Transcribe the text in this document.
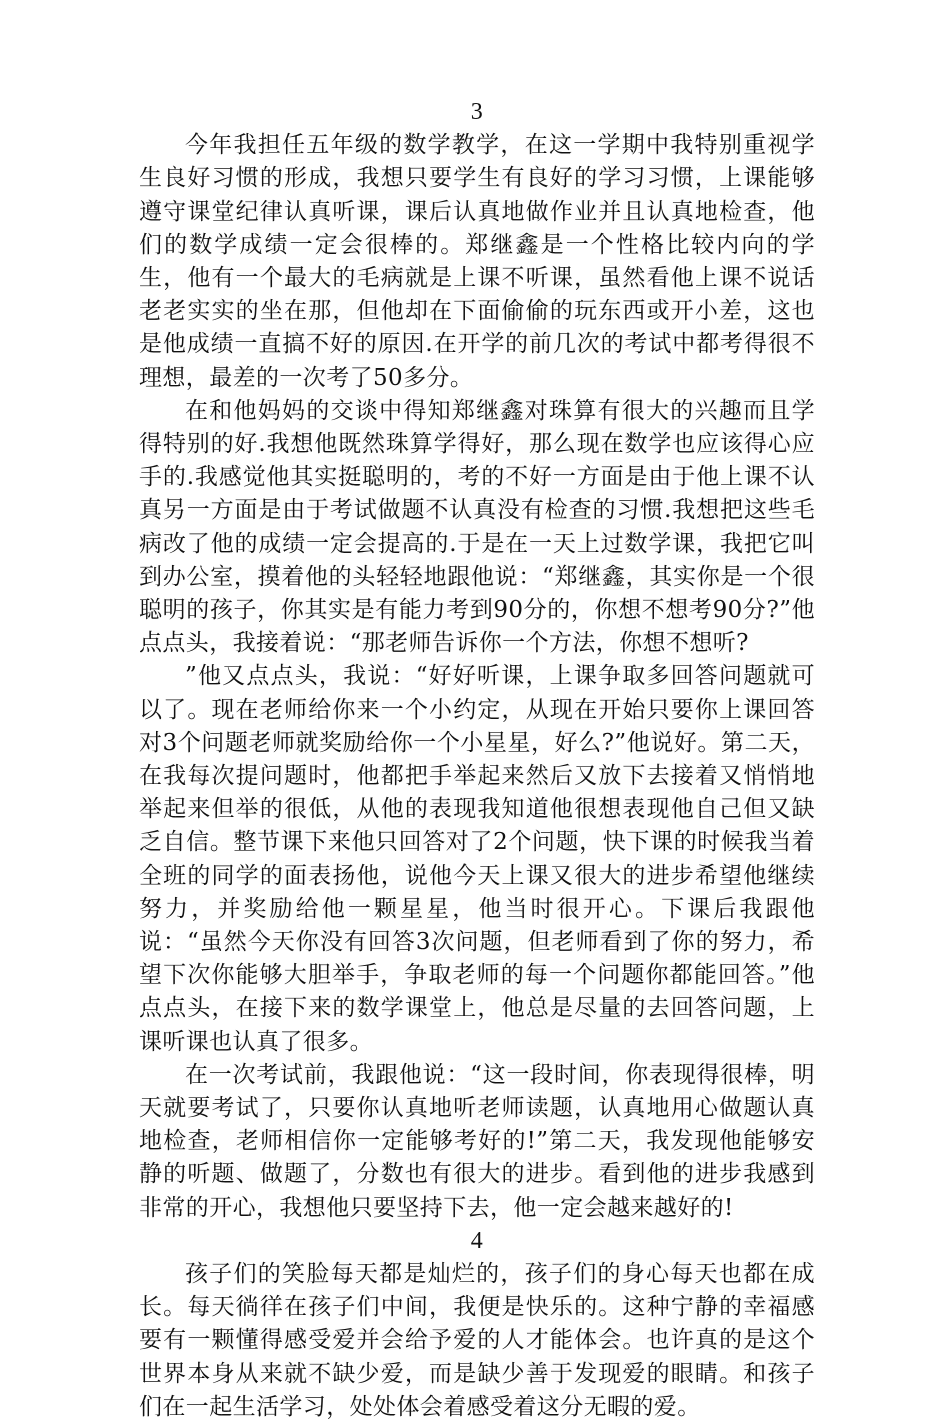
3

今年我担任五年级的数学教学，在这一学期中我特别重视学生良好习惯的形成，我想只要学生有良好的学习习惯，上课能够遵守课堂纪律认真听课，课后认真地做作业并且认真地检查，他们的数学成绩一定会很棒的。郑继鑫是一个性格比较内向的学生，他有一个最大的毛病就是上课不听课，虽然看他上课不说话老老实实的坐在那，但他却在下面偷偷的玩东西或开小差，这也是他成绩一直搞不好的原因.在开学的前几次的考试中都考得很不理想，最差的一次考了50多分。

在和他妈妈的交谈中得知郑继鑫对珠算有很大的兴趣而且学得特别的好.我想他既然珠算学得好，那么现在数学也应该得心应手的.我感觉他其实挺聪明的，考的不好一方面是由于他上课不认真另一方面是由于考试做题不认真没有检查的习惯.我想把这些毛病改了他的成绩一定会提高的.于是在一天上过数学课，我把它叫到办公室，摸着他的头轻轻地跟他说：“郑继鑫，其实你是一个很聪明的孩子，你其实是有能力考到90分的，你想不想考90分?”他点点头，我接着说：“那老师告诉你一个方法，你想不想听?

”他又点点头，我说：“好好听课，上课争取多回答问题就可以了。现在老师给你来一个小约定，从现在开始只要你上课回答对3个问题老师就奖励给你一个小星星，好么?”他说好。第二天，在我每次提问题时，他都把手举起来然后又放下去接着又悄悄地举起来但举的很低，从他的表现我知道他很想表现他自己但又缺乏自信。整节课下来他只回答对了2个问题，快下课的时候我当着全班的同学的面表扬他，说他今天上课又很大的进步希望他继续努力，并奖励给他一颗星星，他当时很开心。下课后我跟他说：“虽然今天你没有回答3次问题，但老师看到了你的努力，希望下次你能够大胆举手，争取老师的每一个问题你都能回答。”他点点头，在接下来的数学课堂上，他总是尽量的去回答问题，上课听课也认真了很多。

在一次考试前，我跟他说：“这一段时间，你表现得很棒，明天就要考试了，只要你认真地听老师读题，认真地用心做题认真地检查，老师相信你一定能够考好的!”第二天，我发现他能够安静的听题、做题了，分数也有很大的进步。看到他的进步我感到非常的开心，我想他只要坚持下去，他一定会越来越好的!

4

孩子们的笑脸每天都是灿烂的，孩子们的身心每天也都在成长。每天徜徉在孩子们中间，我便是快乐的。这种宁静的幸福感要有一颗懂得感受爱并会给予爱的人才能体会。也许真的是这个世界本身从来就不缺少爱，而是缺少善于发现爱的眼睛。和孩子们在一起生活学习，处处体会着感受着这分无暇的爱。
